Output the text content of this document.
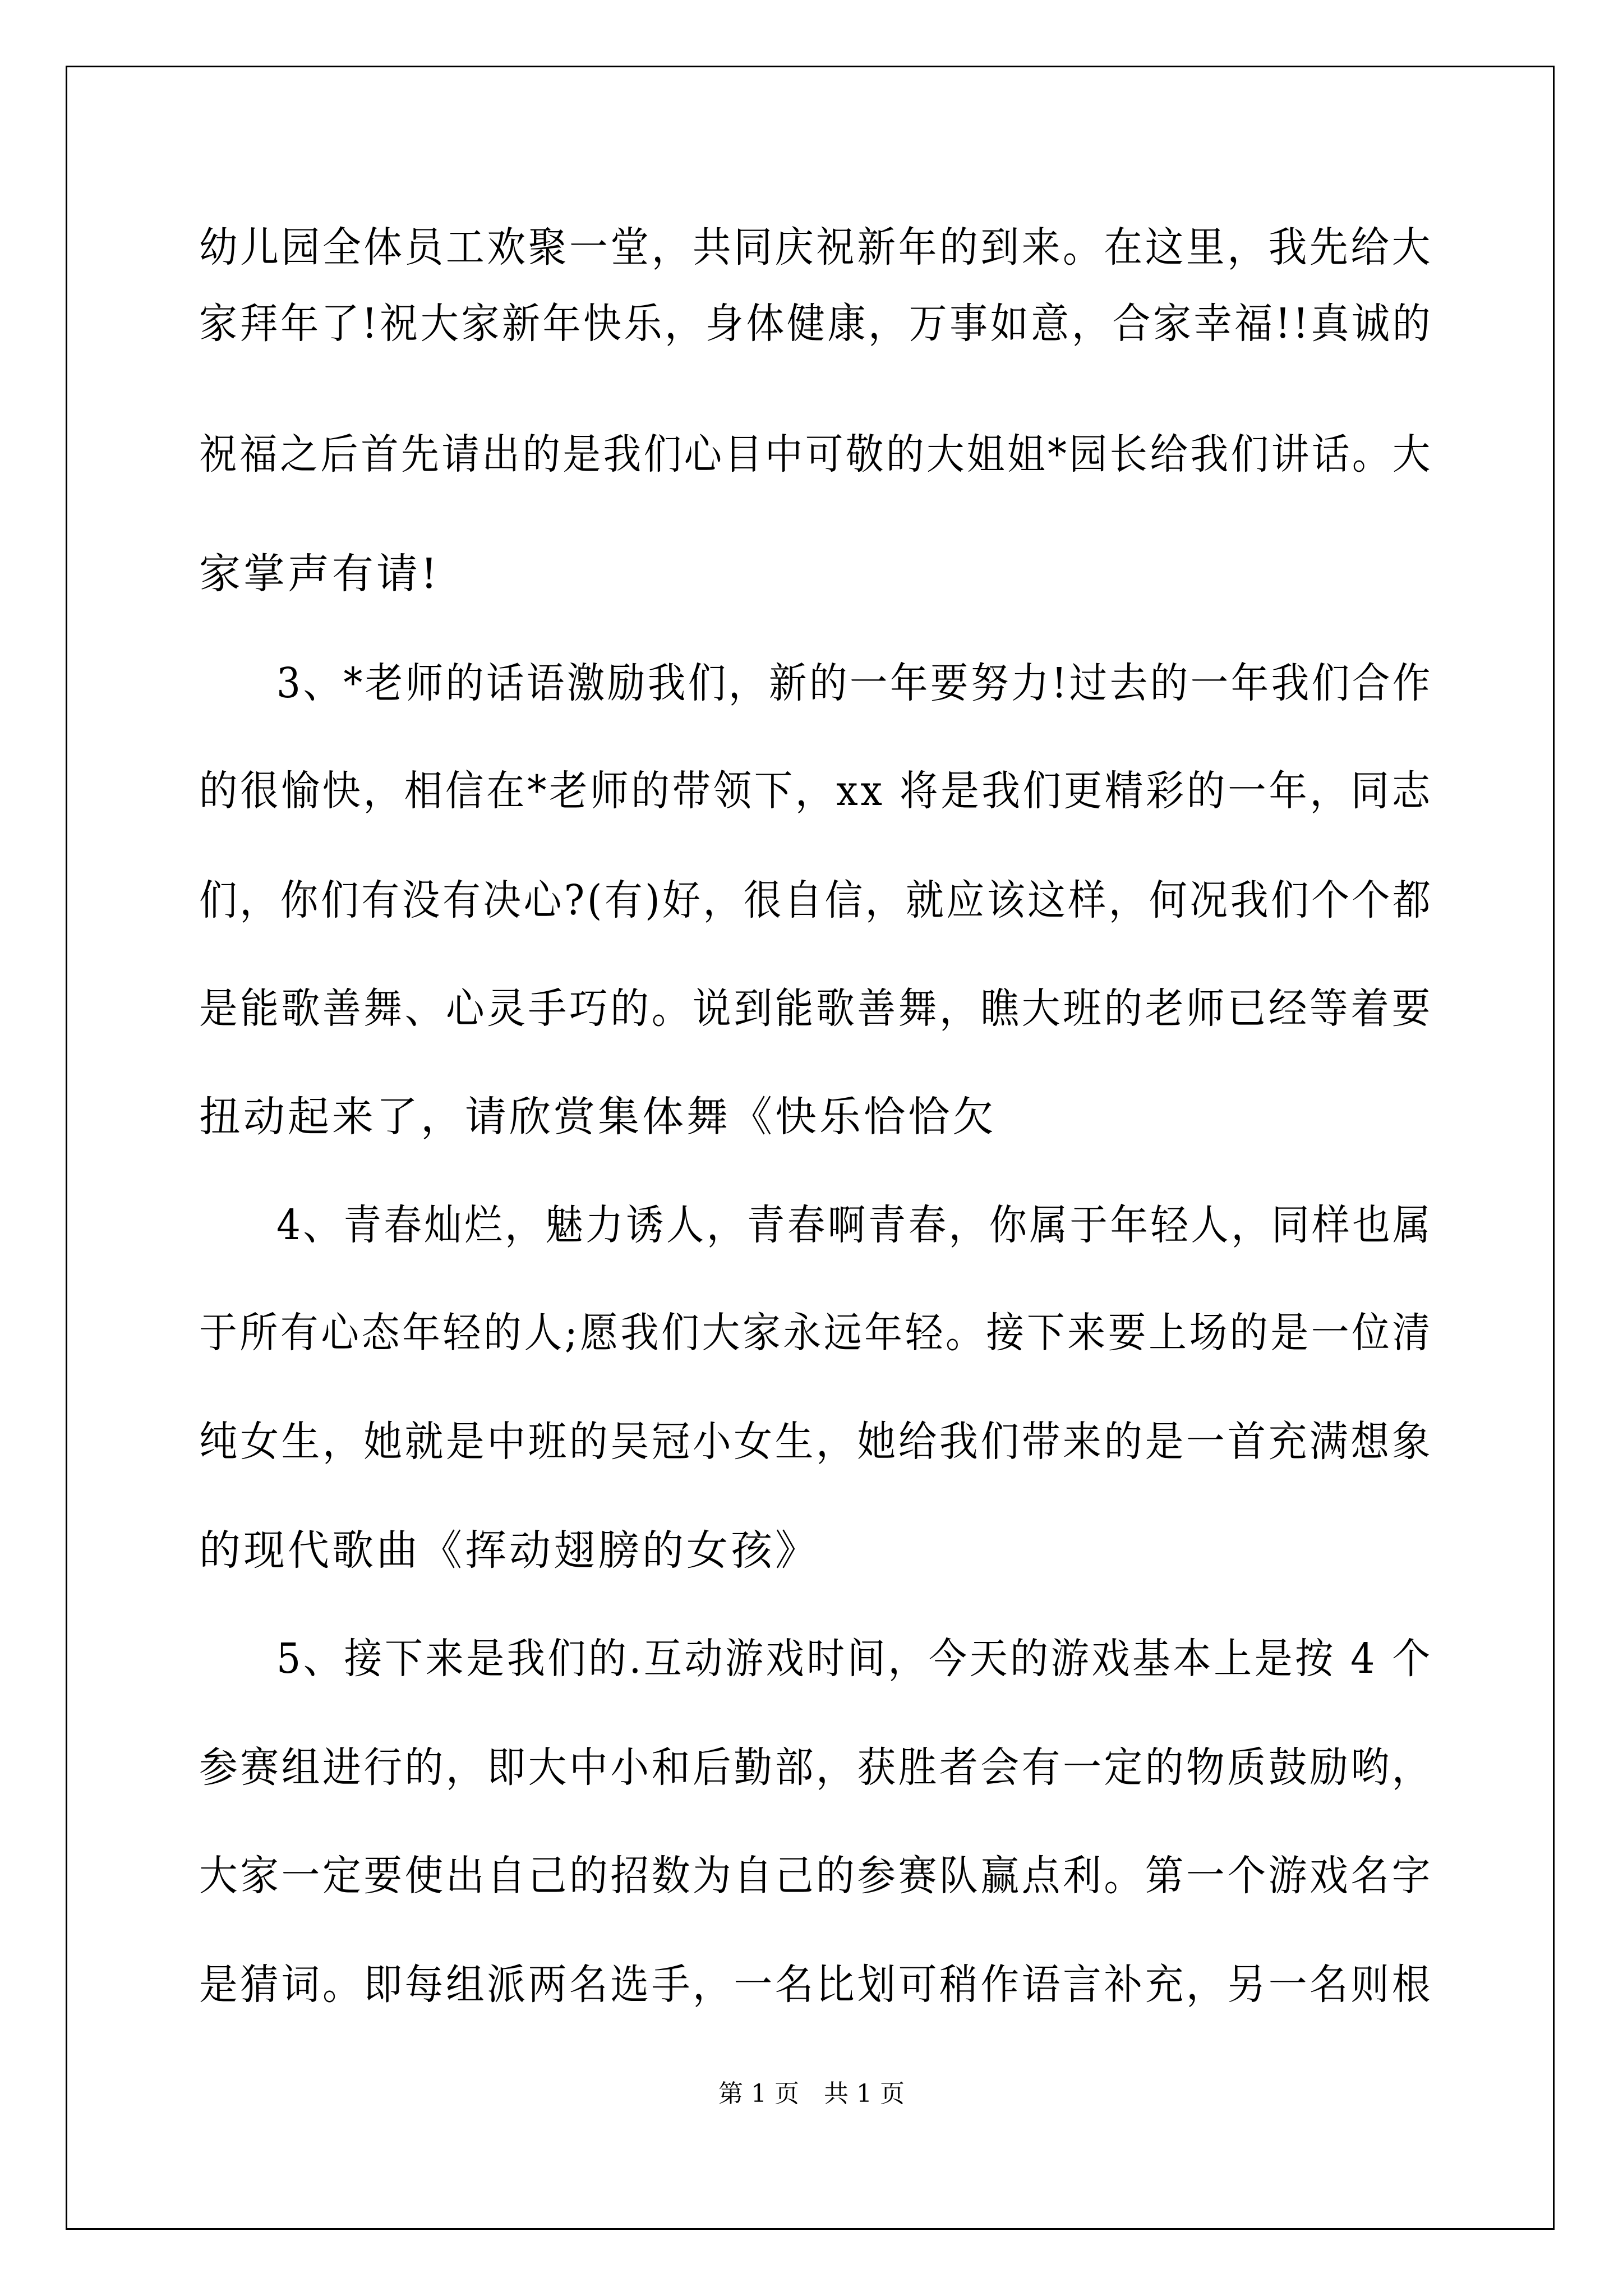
幼儿园全体员工欢聚一堂，共同庆祝新年的到来。在这里，我先给大
家拜年了!祝大家新年快乐，身体健康，万事如意，合家幸福!!真诚的
祝福之后首先请出的是我们心目中可敬的大姐姐*园长给我们讲话。大
家掌声有请!
3、*老师的话语激励我们，新的一年要努力!过去的一年我们合作
的很愉快，相信在*老师的带领下，xx 将是我们更精彩的一年，同志
们，你们有没有决心?(有)好，很自信，就应该这样，何况我们个个都
是能歌善舞、心灵手巧的。说到能歌善舞，瞧大班的老师已经等着要
扭动起来了，请欣赏集体舞《快乐恰恰欠
4、青春灿烂，魅力诱人，青春啊青春，你属于年轻人，同样也属
于所有心态年轻的人;愿我们大家永远年轻。接下来要上场的是一位清
纯女生，她就是中班的吴冠小女生，她给我们带来的是一首充满想象
的现代歌曲《挥动翅膀的女孩》
5、接下来是我们的.互动游戏时间，今天的游戏基本上是按 4 个
参赛组进行的，即大中小和后勤部，获胜者会有一定的物质鼓励哟，
大家一定要使出自己的招数为自己的参赛队赢点利。第一个游戏名字
是猜词。即每组派两名选手，一名比划可稍作语言补充，另一名则根
第 1 页　共 1 页
